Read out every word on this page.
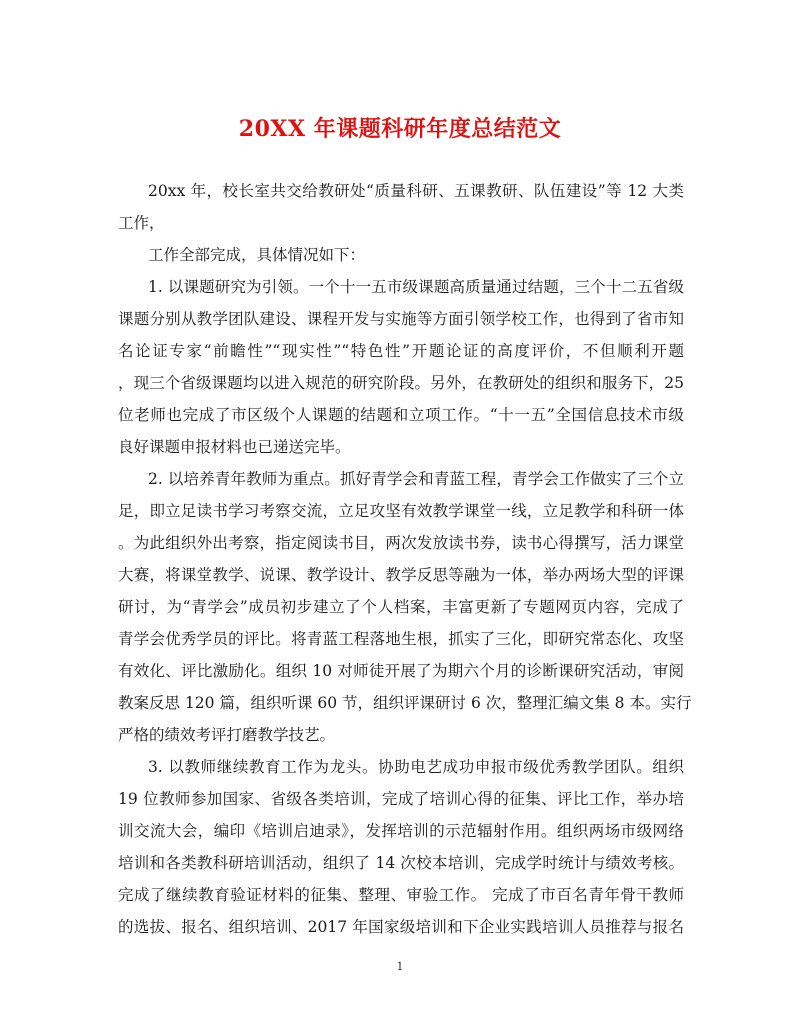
20XX 年课题科研年度总结范文
20xx 年，校长室共交给教研处“质量科研、五课教研、队伍建设”等 12 大类
工作，
工作全部完成，具体情况如下：
1. 以课题研究为引领。一个十一五市级课题高质量通过结题，三个十二五省级
课题分别从教学团队建设、课程开发与实施等方面引领学校工作，也得到了省市知
名论证专家“前瞻性”“现实性”“特色性”开题论证的高度评价，不但顺利开题
，现三个省级课题均以进入规范的研究阶段。另外，在教研处的组织和服务下，25
位老师也完成了市区级个人课题的结题和立项工作。“十一五”全国信息技术市级
良好课题申报材料也已递送完毕。
2. 以培养青年教师为重点。抓好青学会和青蓝工程，青学会工作做实了三个立
足，即立足读书学习考察交流，立足攻坚有效教学课堂一线，立足教学和科研一体
。为此组织外出考察，指定阅读书目，两次发放读书券，读书心得撰写，活力课堂
大赛，将课堂教学、说课、教学设计、教学反思等融为一体，举办两场大型的评课
研讨，为“青学会”成员初步建立了个人档案，丰富更新了专题网页内容，完成了
青学会优秀学员的评比。将青蓝工程落地生根，抓实了三化，即研究常态化、攻坚
有效化、评比激励化。组织 10 对师徒开展了为期六个月的诊断课研究活动，审阅
教案反思 120 篇，组织听课 60 节，组织评课研讨 6 次，整理汇编文集 8 本。实行
严格的绩效考评打磨教学技艺。
3. 以教师继续教育工作为龙头。协助电艺成功申报市级优秀教学团队。组织
19 位教师参加国家、省级各类培训，完成了培训心得的征集、评比工作，举办培
训交流大会，编印《培训启迪录》，发挥培训的示范辐射作用。组织两场市级网络
培训和各类教科研培训活动，组织了 14 次校本培训，完成学时统计与绩效考核。
完成了继续教育验证材料的征集、整理、审验工作。 完成了市百名青年骨干教师
的选拔、报名、组织培训、2017 年国家级培训和下企业实践培训人员推荐与报名
1
